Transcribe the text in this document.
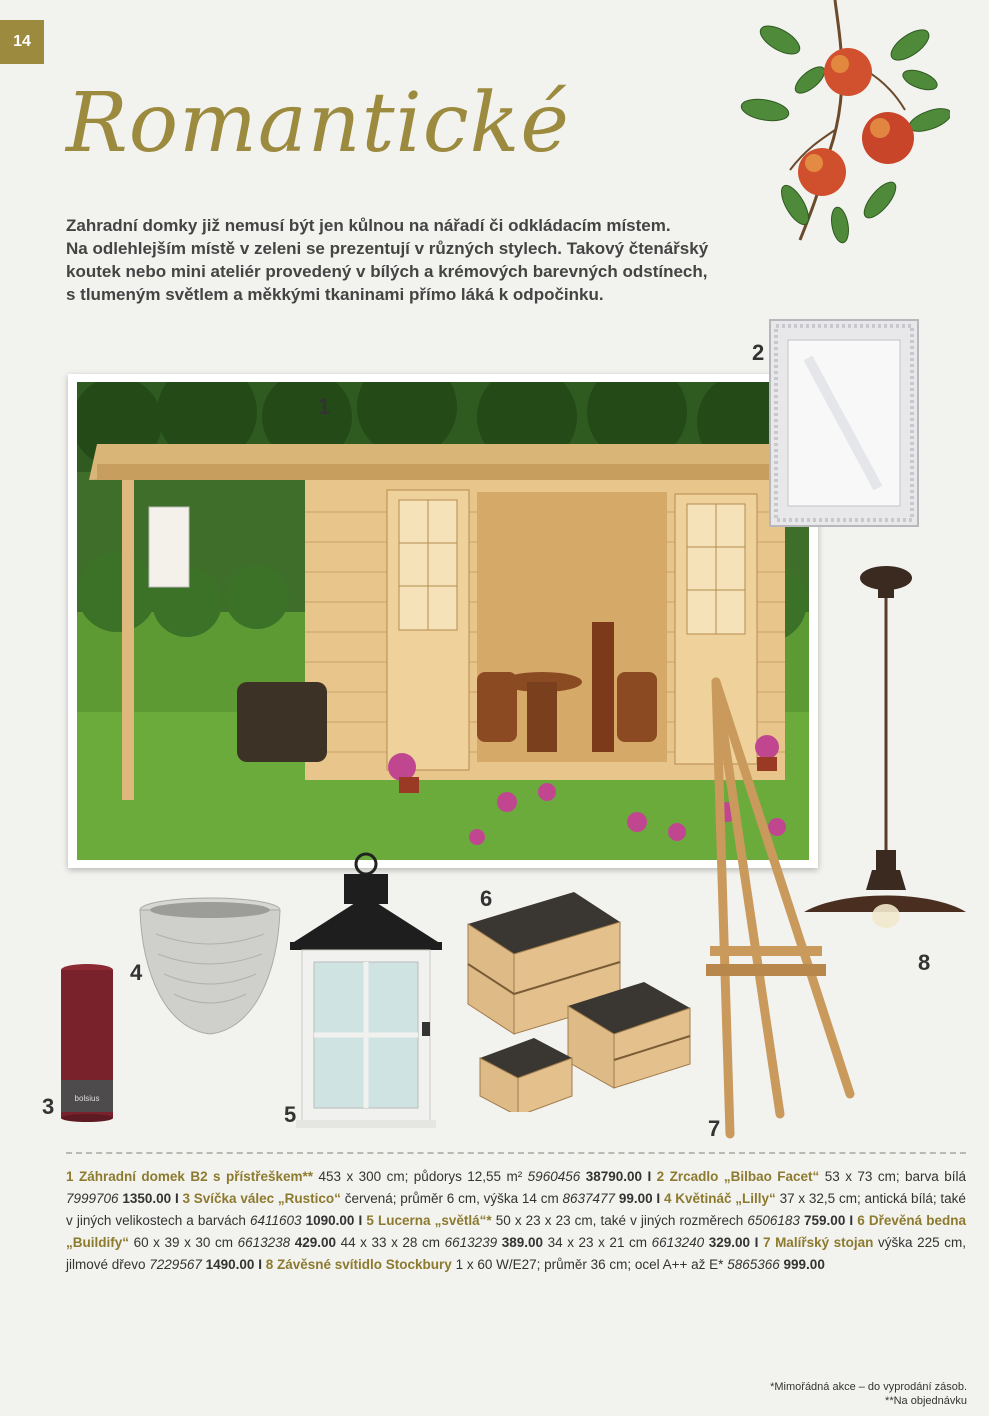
14
Romantické
Zahradní domky již nemusí být jen kůlnou na nářadí či odkládacím místem.
Na odlehlejším místě v zeleni se prezentují v různých stylech. Takový čtenářský
koutek nebo mini ateliér provedený v bílých a krémových barevných odstínech,
s tlumeným světlem a měkkými tkaninami přímo láká k odpočinku.
bolsius
1
2
3
4
5
6
7
8
1 Záhradní domek B2 s přístřeškem** 453 x 300 cm; půdorys 12,55 m² 5960456 38790.00 I 2 Zrcadlo „Bilbao Facet“ 53 x 73 cm; barva bílá 7999706 1350.00 I 3 Svíčka válec „Rustico“ červená; průměr 6 cm, výška 14 cm 8637477 99.00 I 4 Květináč „Lilly“ 37 x 32,5 cm; antická bílá; také v jiných velikostech a barvách 6411603 1090.00 I 5 Lucerna „světlá“* 50 x 23 x 23 cm, také v jiných rozměrech 6506183 759.00 I 6 Dřevěná bedna „Buildify“ 60 x 39 x 30 cm 6613238 429.00 44 x 33 x 28 cm 6613239 389.00 34 x 23 x 21 cm 6613240 329.00 I 7 Malířský stojan výška 225 cm, jilmové dřevo 7229567 1490.00 I 8 Závěsné svítidlo Stockbury 1 x 60 W/E27; průměr 36 cm; ocel A++ až E* 5865366 999.00
*Mimořádná akce – do vyprodání zásob.
**Na objednávku
